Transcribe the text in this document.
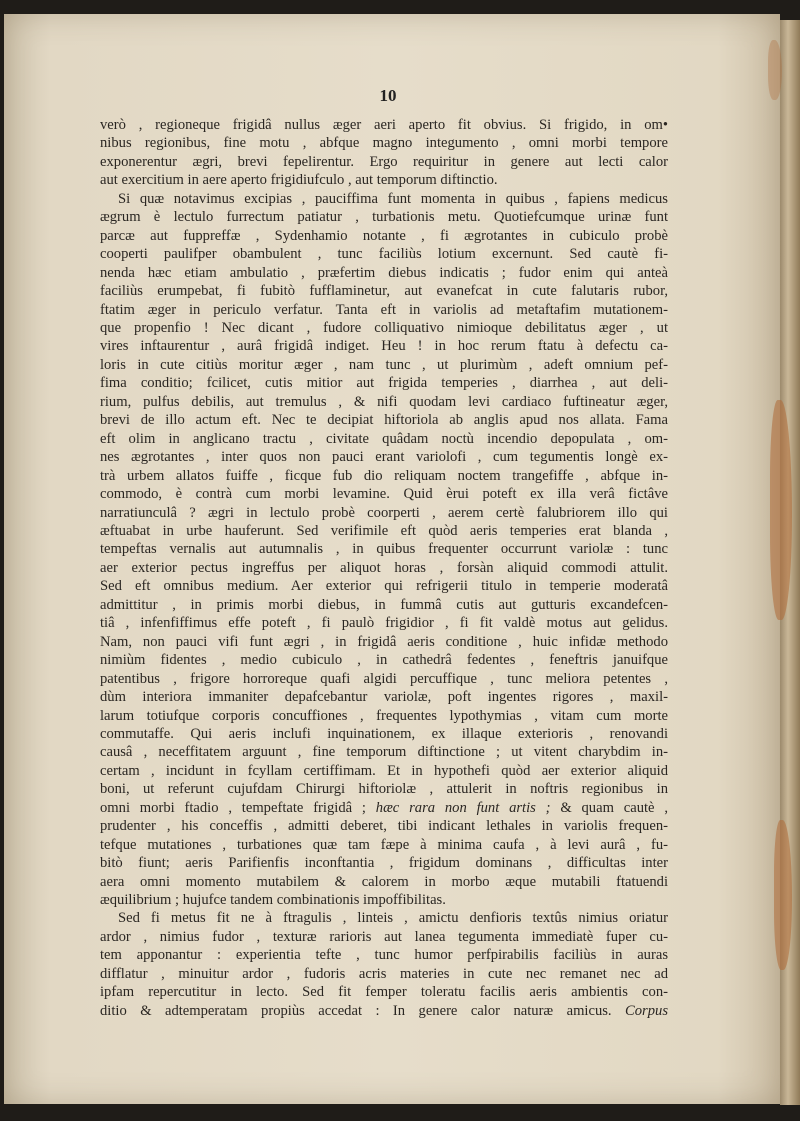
10
verò , regioneque frigidâ nullus æger aeri aperto fit obvius. Si frigido, in om•
nibus regionibus, fine motu , abfque magno integumento , omni morbi tempore
exponerentur ægri, brevi fepelirentur. Ergo requiritur in genere aut lecti calor
aut exercitium in aere aperto frigidiufculo , aut temporum diftinctio.
Si quæ notavimus excipias , pauciffima funt momenta in quibus , fapiens medicus
ægrum è lectulo furrectum patiatur , turbationis metu. Quotiefcumque urinæ funt
parcæ aut fuppreffæ , Sydenhamio notante , fi ægrotantes in cubiculo probè
cooperti paulifper obambulent , tunc faciliùs lotium excernunt. Sed cautè fi-
nenda hæc etiam ambulatio , præfertim diebus indicatis ; fudor enim qui anteà
faciliùs erumpebat, fi fubitò fufflaminetur, aut evanefcat in cute falutaris rubor,
ftatim æger in periculo verfatur. Tanta eft in variolis ad metaftafim mutationem-
que propenfio ! Nec dicant , fudore colliquativo nimioque debilitatus æger , ut
vires inftaurentur , aurâ frigidâ indiget. Heu ! in hoc rerum ftatu à defectu ca-
loris in cute citiùs moritur æger , nam tunc , ut plurimùm , adeft omnium pef-
fima conditio; fcilicet, cutis mitior aut frigida temperies , diarrhea , aut deli-
rium, pulfus debilis, aut tremulus , & nifi quodam levi cardiaco fuftineatur æger,
brevi de illo actum eft. Nec te decipiat hiftoriola ab anglis apud nos allata. Fama
eft olim in anglicano tractu , civitate quâdam noctù incendio depopulata , om-
nes ægrotantes , inter quos non pauci erant variolofi , cum tegumentis longè ex-
trà urbem allatos fuiffe , ficque fub dio reliquam noctem trangefiffe , abfque in-
commodo, è contrà cum morbi levamine. Quid èrui poteft ex illa verâ fictâve
narratiunculâ ? ægri in lectulo probè coorperti , aerem certè falubriorem illo qui
æftuabat in urbe hauferunt. Sed verifimile eft quòd aeris temperies erat blanda ,
tempeftas vernalis aut autumnalis , in quibus frequenter occurrunt variolæ : tunc
aer exterior pectus ingreffus per aliquot horas , forsàn aliquid commodi attulit.
Sed eft omnibus medium. Aer exterior qui refrigerii titulo in temperie moderatâ
admittitur , in primis morbi diebus, in fummâ cutis aut gutturis excandefcen-
tiâ , infenfiffimus effe poteft , fi paulò frigidior , fi fit valdè motus aut gelidus.
Nam, non pauci vifi funt ægri , in frigidâ aeris conditione , huic infidæ methodo
nimiùm fidentes , medio cubiculo , in cathedrâ fedentes , feneftris januifque
patentibus , frigore horroreque quafi algidi percuffique , tunc meliora petentes ,
dùm interiora immaniter depafcebantur variolæ, poft ingentes rigores , maxil-
larum totiufque corporis concuffiones , frequentes lypothymias , vitam cum morte
commutaffe. Qui aeris inclufi inquinationem, ex illaque exterioris , renovandi
causâ , neceffitatem arguunt , fine temporum diftinctione ; ut vitent charybdim in-
certam , incidunt in fcyllam certiffimam. Et in hypothefi quòd aer exterior aliquid
boni, ut referunt cujufdam Chirurgi hiftoriolæ , attulerit in noftris regionibus in
omni morbi ftadio , tempeftate frigidâ ; hæc rara non funt artis ; & quam cautè ,
prudenter , his conceffis , admitti deberet, tibi indicant lethales in variolis frequen-
tefque mutationes , turbationes quæ tam fæpe à minima caufa , à levi aurâ , fu-
bitò fiunt; aeris Parifienfis inconftantia , frigidum dominans , difficultas inter
aera omni momento mutabilem & calorem in morbo æque mutabili ftatuendi
æquilibrium ; hujufce tandem combinationis impoffibilitas.
Sed fi metus fit ne à ftragulis , linteis , amictu denfioris textûs nimius oriatur
ardor , nimius fudor , texturæ rarioris aut lanea tegumenta immediatè fuper cu-
tem apponantur : experientia tefte , tunc humor perfpirabilis faciliùs in auras
difflatur , minuitur ardor , fudoris acris materies in cute nec remanet nec ad
ipfam repercutitur in lecto. Sed fit femper toleratu facilis aeris ambientis con-
ditio & adtemperatam propiùs accedat : In genere calor naturæ amicus. Corpus
